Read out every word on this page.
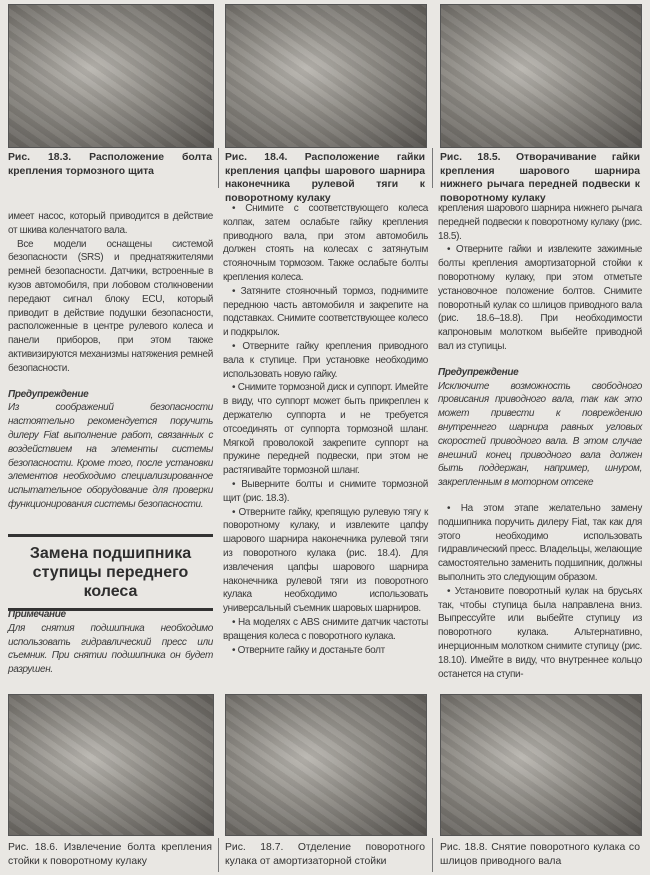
Рис. 18.3. Расположение болта крепления тормозного щита
Рис. 18.4. Расположение гайки крепления цапфы шарового шарнира наконечника рулевой тяги к поворотному кулаку
Рис. 18.5. Отворачивание гайки крепления шарового шарнира нижнего рычага передней подвески к поворотному кулаку

имеет насос, который приводится в действие от шкива коленчатого вала.

Все модели оснащены системой безопасности (SRS) и преднатяжителями ремней безопасности. Датчики, встроенные в кузов автомобиля, при лобовом столкновении передают сигнал блоку ECU, который приводит в действие подушки безопасности, расположенные в центре рулевого колеса и панели приборов, при этом также активизируются механизмы натяжения ремней безопасности.

Предупреждение

Из соображений безопасности настоятельно рекомендуется поручить дилеру Fiat выполнение работ, связанных с воздействием на элементы системы безопасности. Кроме того, после установки элементов необходимо специализированное испытательное оборудование для проверки функционирования системы безопасности.

Замена подшипника ступицы переднего колеса

Примечание

Для снятия подшипника необходимо использовать гидравлический пресс или съемник. При снятии подшипника он будет разрушен.

• Снимите с соответствующего колеса колпак, затем ослабьте гайку крепления приводного вала, при этом автомобиль должен стоять на колесах с затянутым стояночным тормозом. Также ослабьте болты крепления колеса.

• Затяните стояночный тормоз, поднимите переднюю часть автомобиля и закрепите на подставках. Снимите соответствующее колесо и подкрылок.

• Отверните гайку крепления приводного вала к ступице. При установке необходимо использовать новую гайку.

• Снимите тормозной диск и суппорт. Имейте в виду, что суппорт может быть прикреплен к держателю суппорта и не требуется отсоединять от суппорта тормозной шланг. Мягкой проволокой закрепите суппорт на пружине передней подвески, при этом не растягивайте тормозной шланг.

• Выверните болты и снимите тормозной щит (рис. 18.3).

• Отверните гайку, крепящую рулевую тягу к поворотному кулаку, и извлеките цапфу шарового шарнира наконечника рулевой тяги из поворотного кулака (рис. 18.4). Для извлечения цапфы шарового шарнира наконечника рулевой тяги из поворотного кулака необходимо использовать универсальный съемник шаровых шарниров.

• На моделях с ABS снимите датчик частоты вращения колеса с поворотного кулака.

• Отверните гайку и достаньте болт

крепления шарового шарнира нижнего рычага передней подвески к поворотному кулаку (рис. 18.5).

• Отверните гайки и извлеките зажимные болты крепления амортизаторной стойки к поворотному кулаку, при этом отметьте установочное положение болтов. Снимите поворотный кулак со шлицов приводного вала (рис. 18.6–18.8). При необходимости капроновым молотком выбейте приводной вал из ступицы.

Предупреждение

Исключите возможность свободного провисания приводного вала, так как это может привести к повреждению внутреннего шарнира равных угловых скоростей приводного вала. В этом случае внешний конец приводного вала должен быть поддержан, например, шнуром, закрепленным в моторном отсеке

• На этом этапе желательно замену подшипника поручить дилеру Fiat, так как для этого необходимо использовать гидравлический пресс. Владельцы, желающие самостоятельно заменить подшипник, должны выполнить это следующим образом.

• Установите поворотный кулак на брусьях так, чтобы ступица была направлена вниз. Выпрессуйте или выбейте ступицу из поворотного кулака. Альтернативно, инерционным молотком снимите ступицу (рис. 18.10). Имейте в виду, что внутреннее кольцо останется на ступи-

Рис. 18.6. Извлечение болта крепления стойки к поворотному кулаку
Рис. 18.7. Отделение поворотного кулака от амортизаторной стойки
Рис. 18.8. Снятие поворотного кулака со шлицов приводного вала
